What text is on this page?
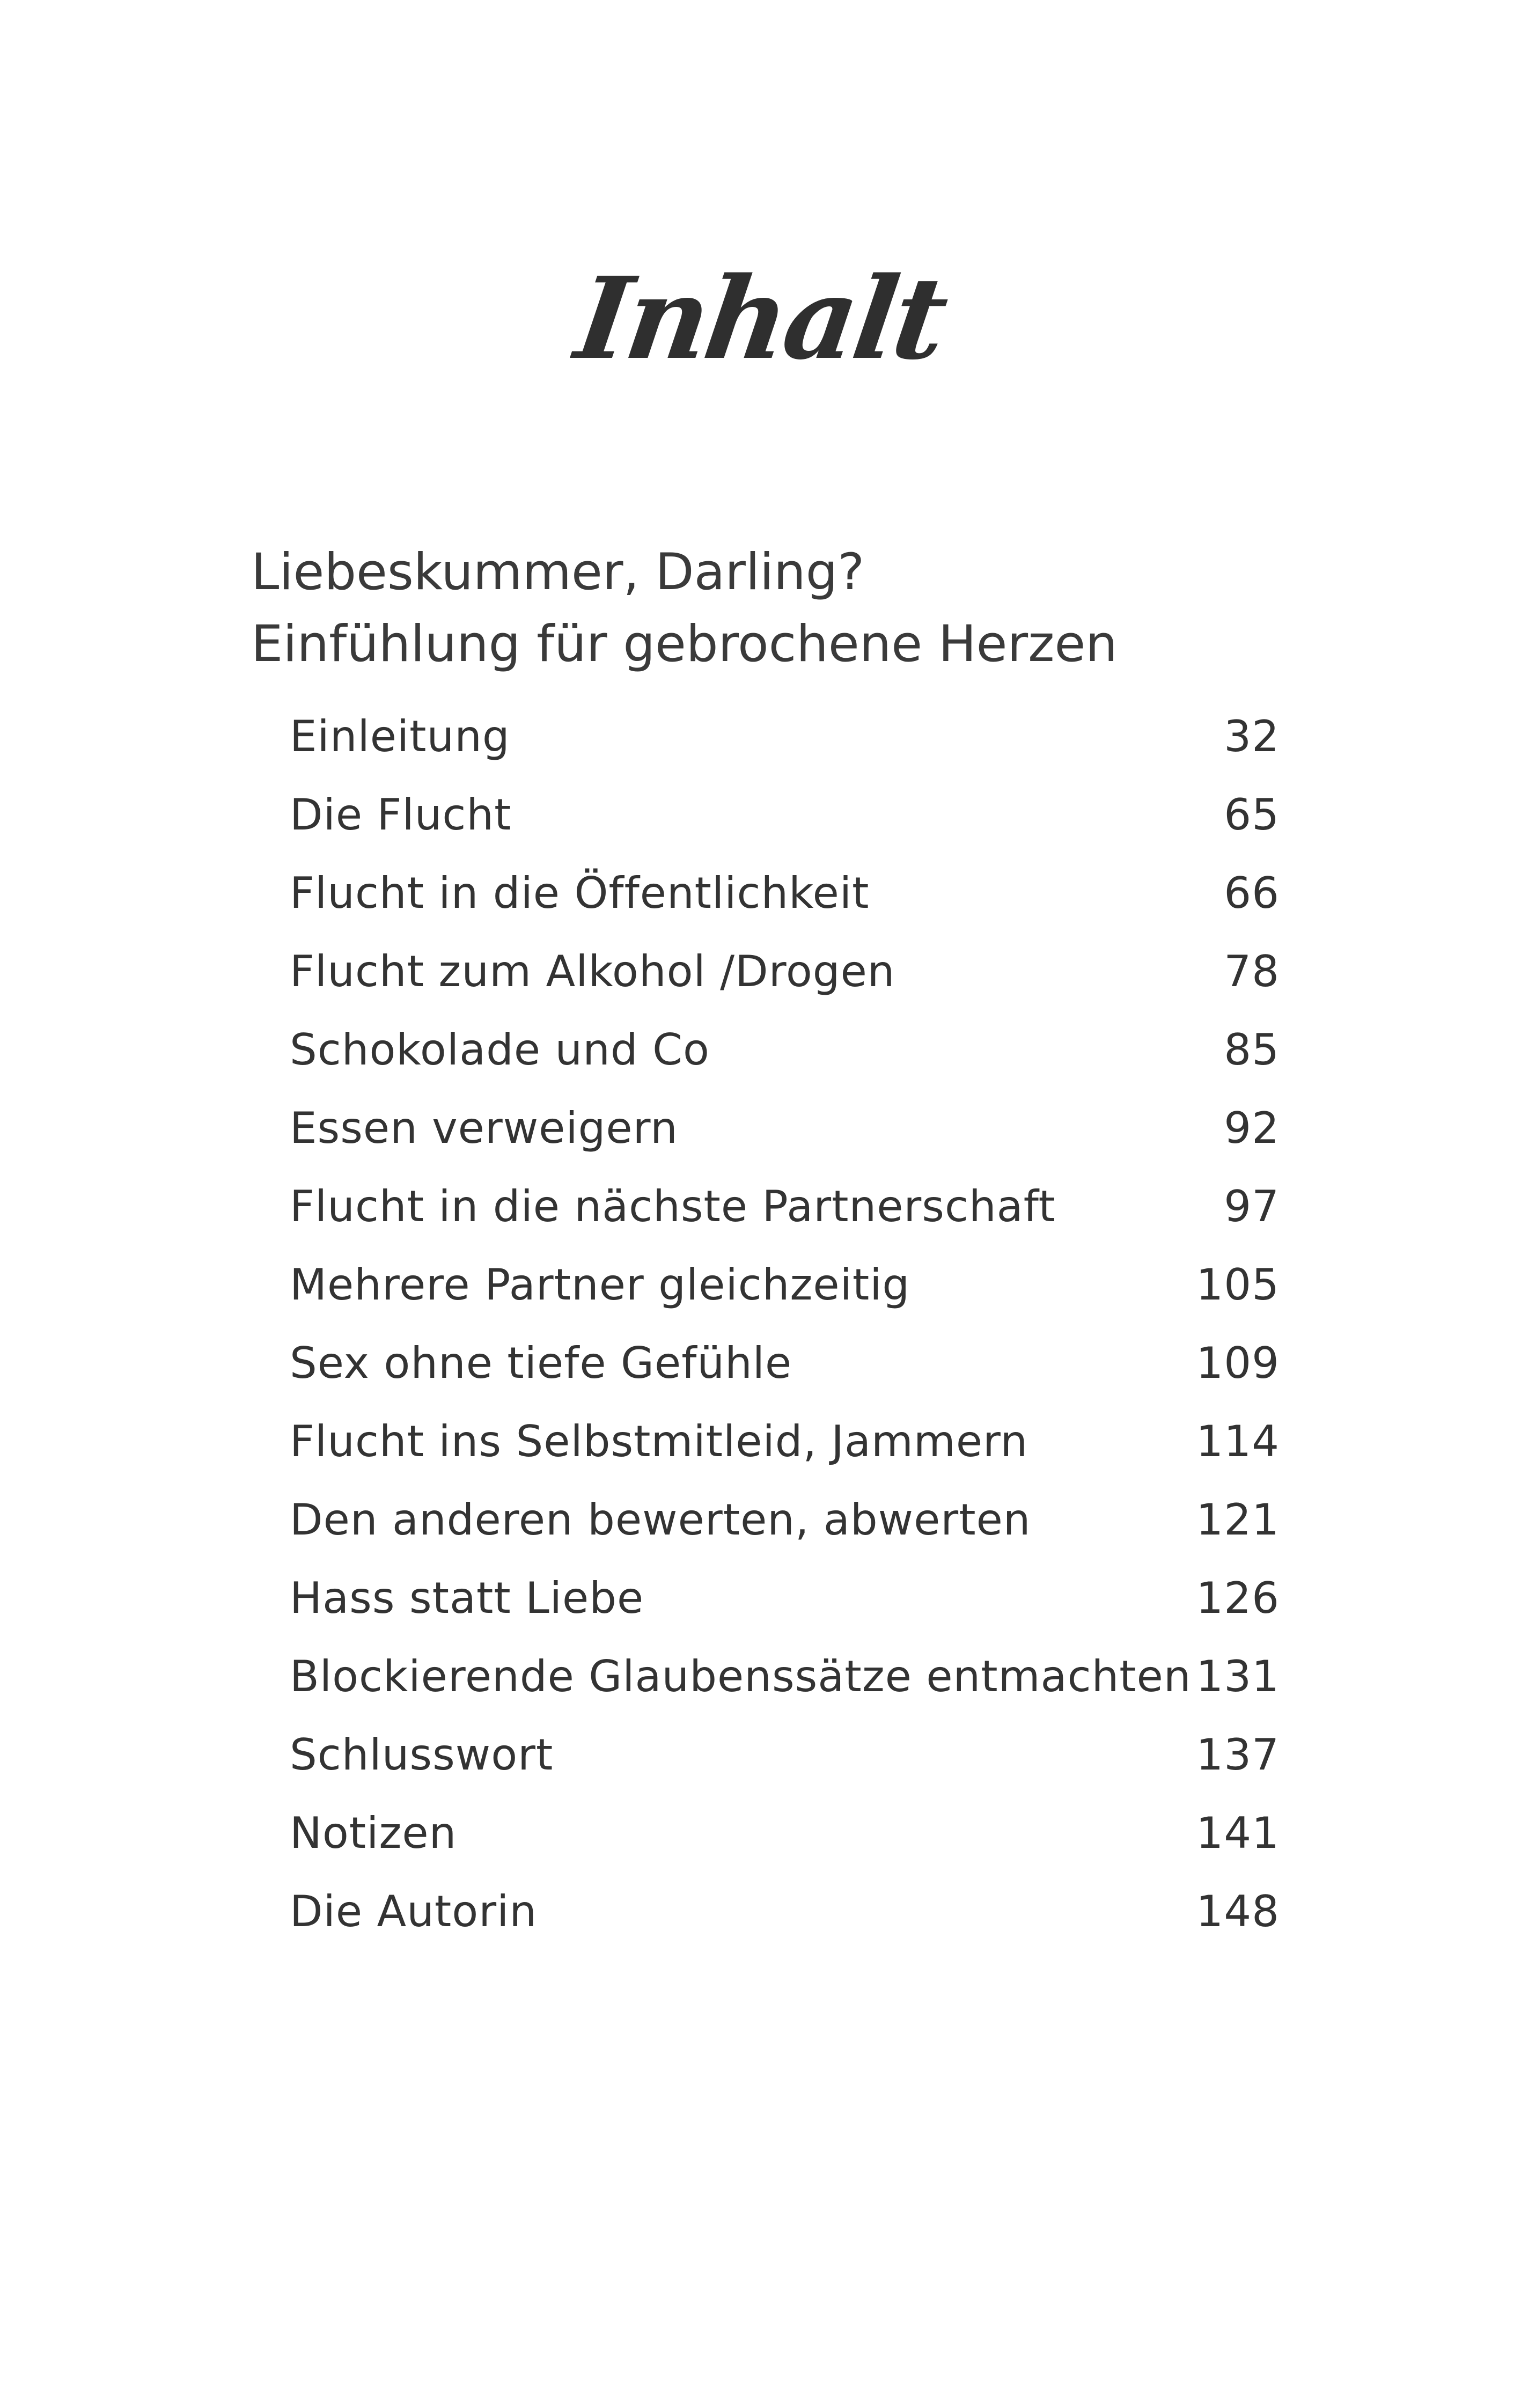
Inhalt
Liebeskummer, Darling?
Einfühlung für gebrochene Herzen
Einleitung	32
Die Flucht	65
Flucht in die Öffentlichkeit	66
Flucht zum Alkohol /Drogen	78
Schokolade und Co	85
Essen verweigern	92
Flucht in die nächste Partnerschaft	97
Mehrere Partner gleichzeitig	105
Sex ohne tiefe Gefühle	109
Flucht ins Selbstmitleid, Jammern	114
Den anderen bewerten, abwerten	121
Hass statt Liebe	126
Blockierende Glaubenssätze entmachten 131
Schlusswort	137
Notizen	141
Die Autorin	148
